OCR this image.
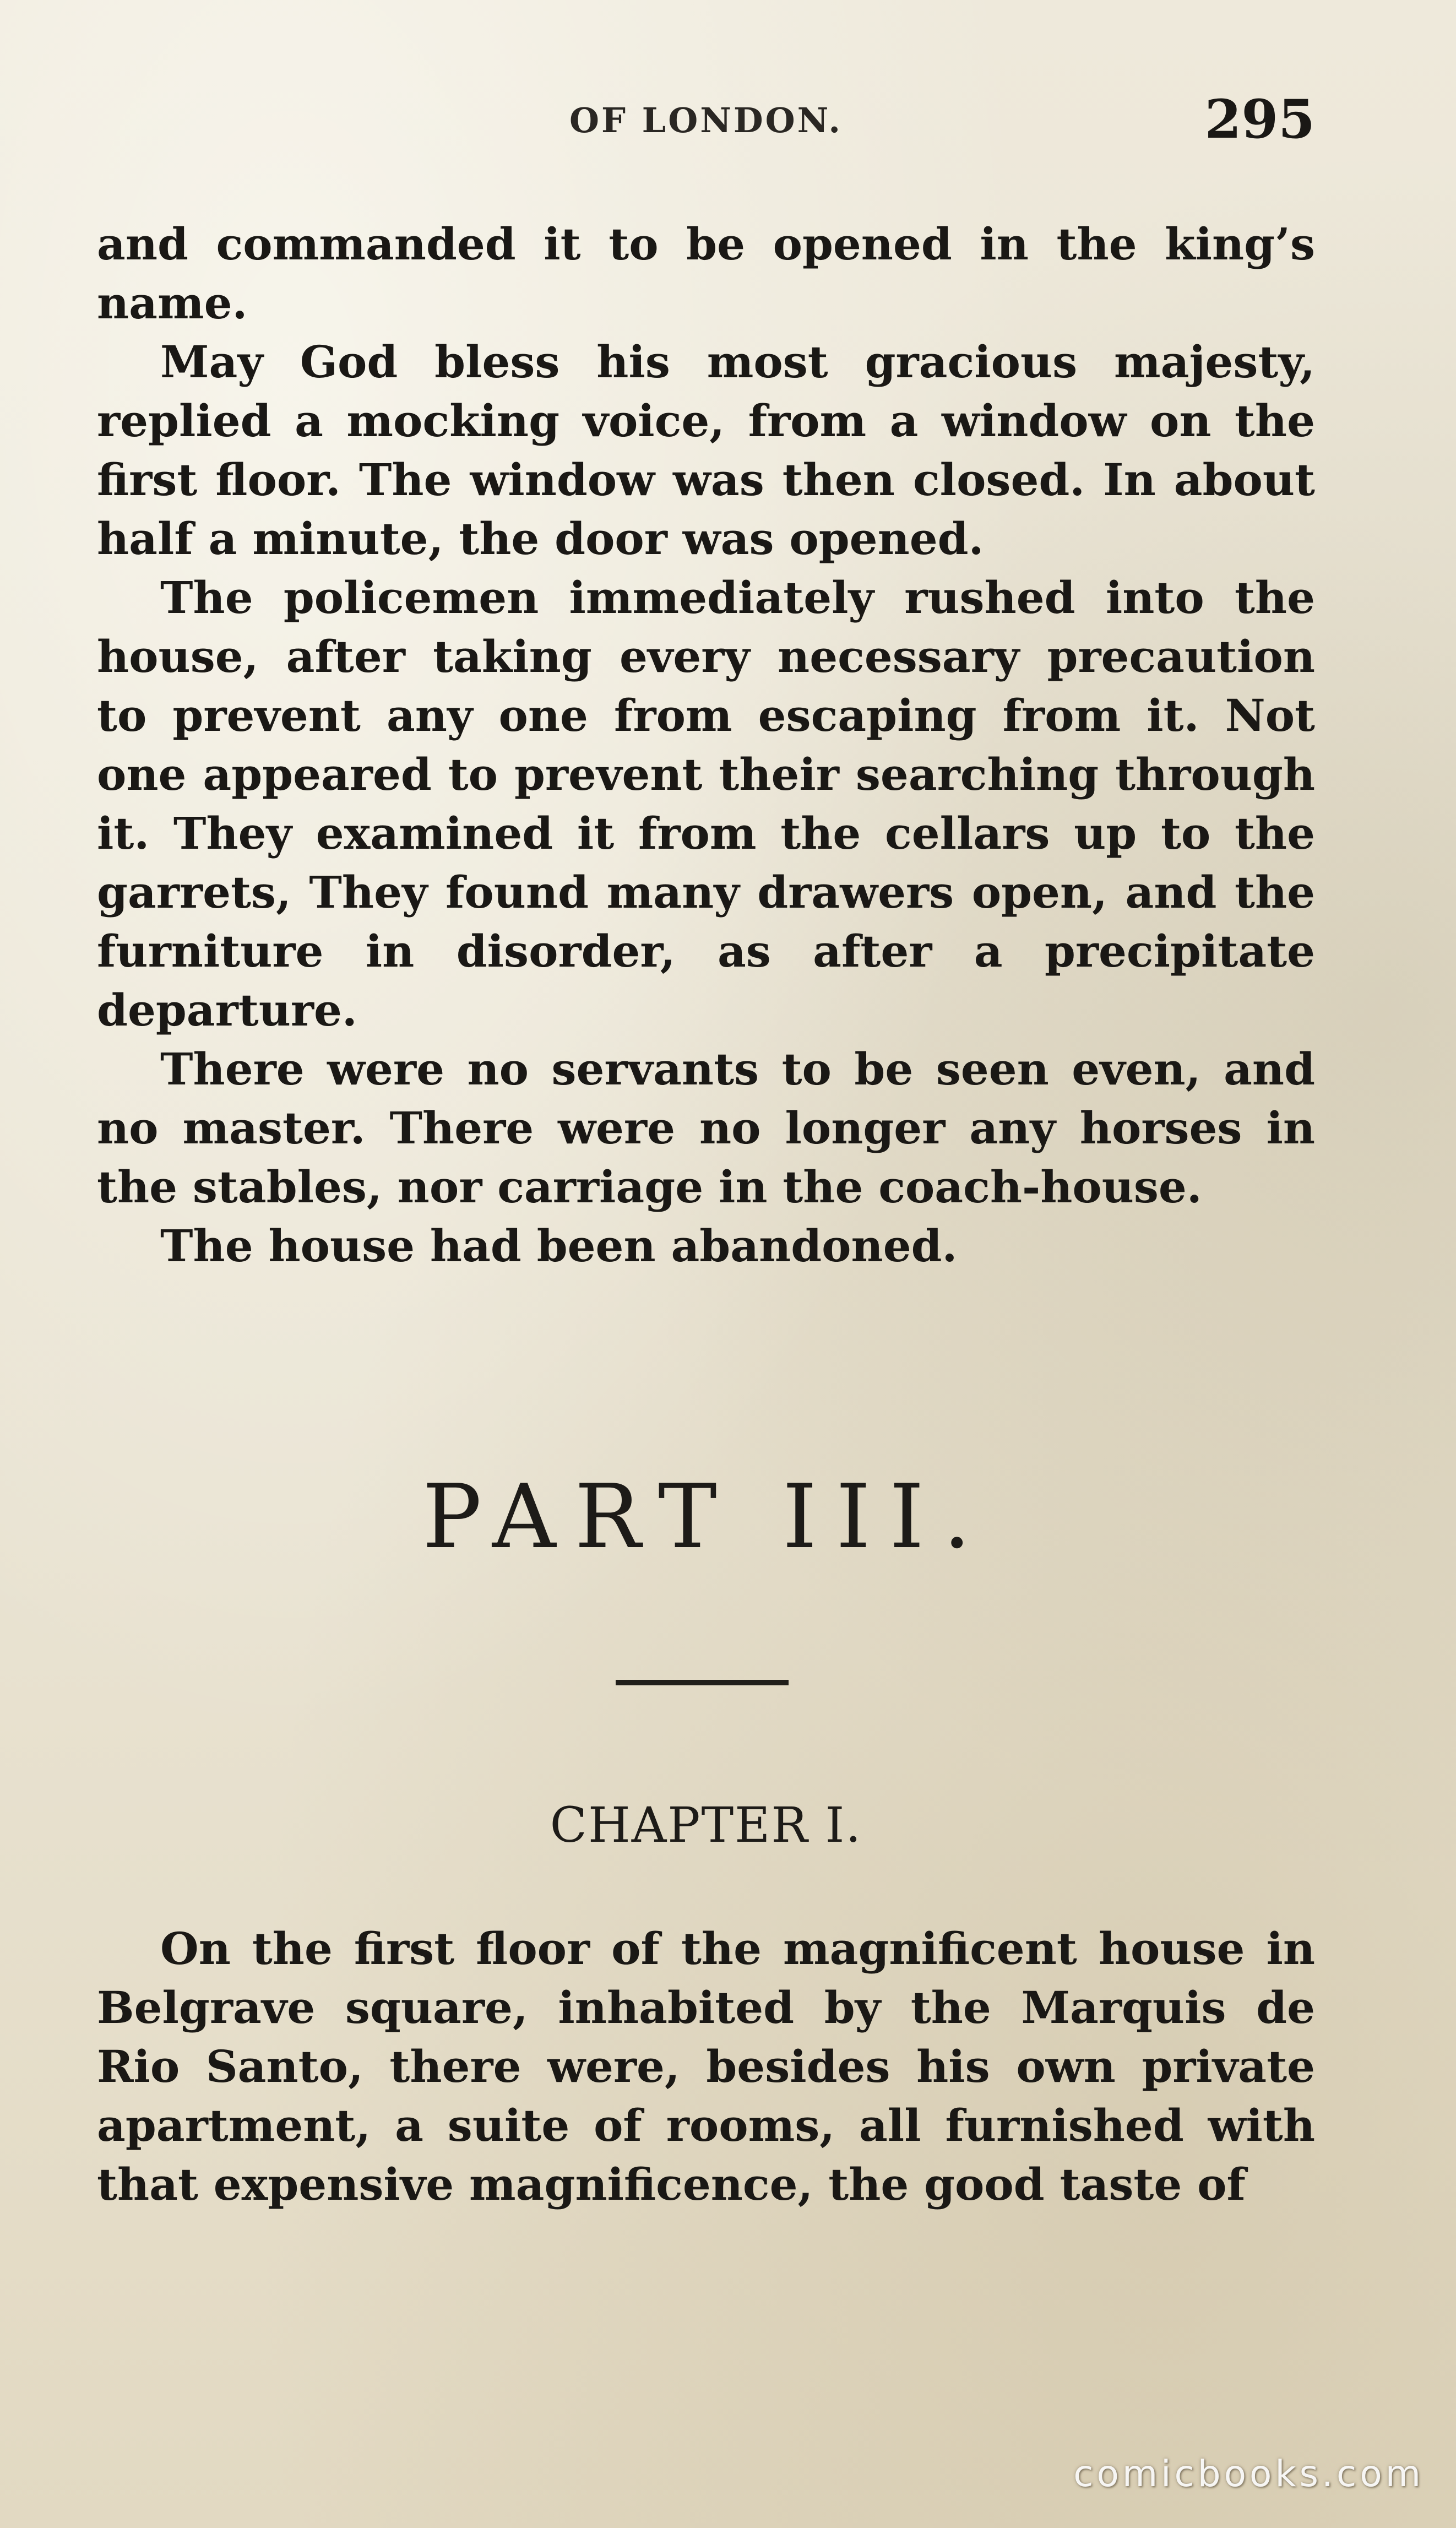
OF LONDON.	295

and commanded it to be opened in the king’s name.

May God bless his most gracious majesty, replied a mocking voice, from a window on the first floor. The window was then closed. In about half a minute, the door was opened.

The policemen immediately rushed into the house, after taking every necessary precaution to prevent any one from escaping from it. Not one appeared to prevent their searching through it. They examined it from the cellars up to the garrets, They found many drawers open, and the furniture in disorder, as after a precipitate departure.

There were no servants to be seen even, and no master. There were no longer any horses in the stables, nor carriage in the coach-house.

The house had been abandoned.

PART III.
CHAPTER I.

On the first floor of the magnificent house in Belgrave square, inhabited by the Marquis de Rio Santo, there were, besides his own private apartment, a suite of rooms, all furnished with that expensive magnificence, the good taste of

comicbooks.com
